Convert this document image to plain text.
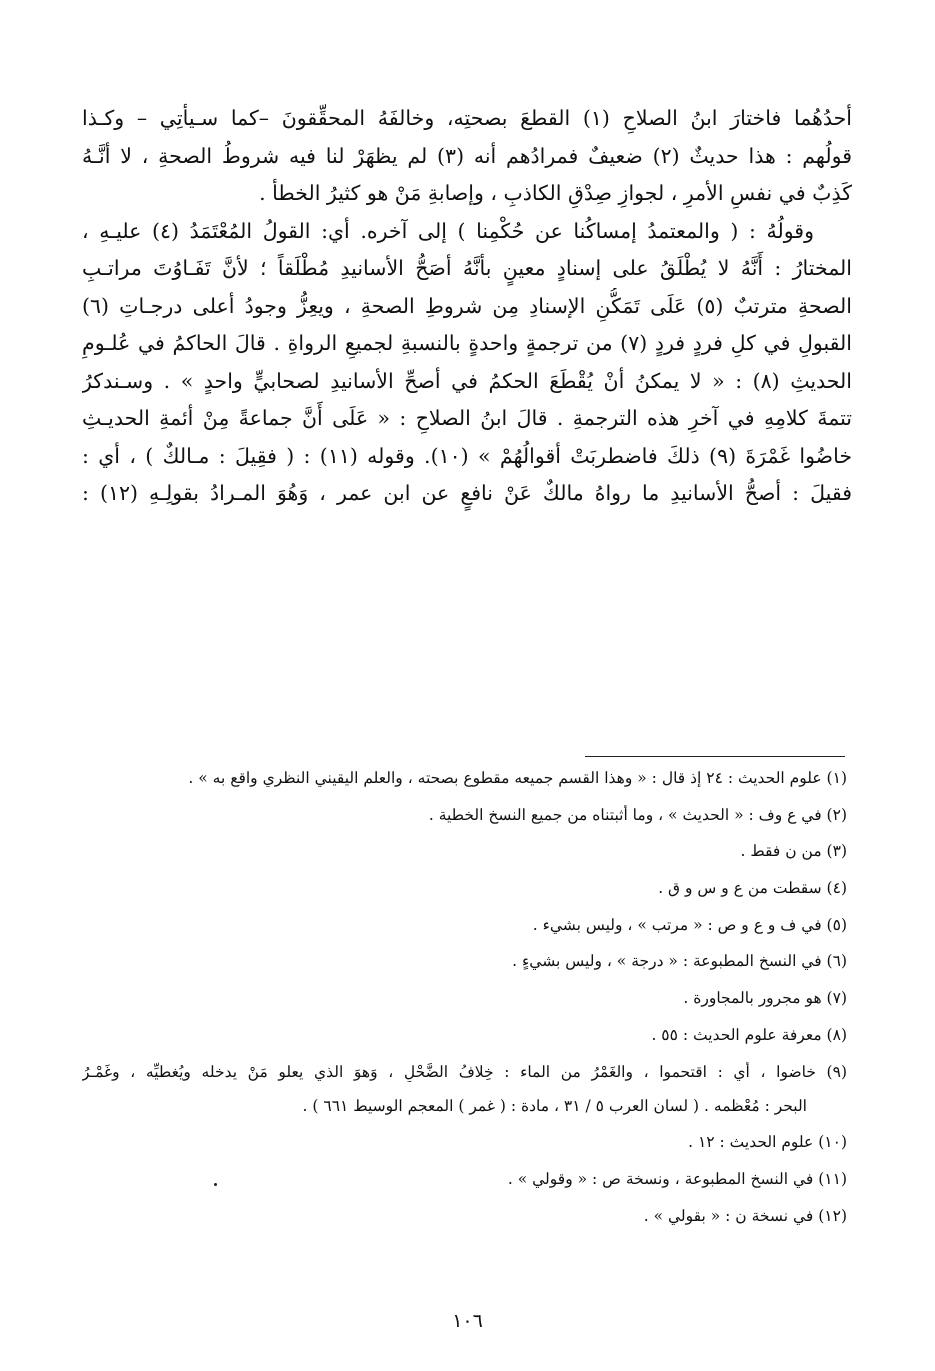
أحدُهُما فاختارَ ابنُ الصلاحِ (١) القطعَ بصحتِه، وخالفَهُ المحقِّقونَ –كما سـيأتِي – وكـذا
قولُهم : هذا حديثٌ (٢) ضعيفٌ فمرادُهم أنه (٣) لم يظهَرْ لنا فيه شروطُ الصحةِ ، لا أنَّـهُ
كَذِبٌ في نفسِ الأمرِ ، لجوازِ صِدْقِ الكاذبِ ، وإصابةِ مَنْ هو كثيرُ الخطأ .
وقولُهُ : ( والمعتمدُ إمساكُنا عن حُكْمِنا ) إلى آخره. أي: القولُ المُعْتَمَدُ (٤) عليـهِ ،
المختارُ : أَنَّهُ لا يُطْلَقُ على إسنادٍ معينٍ بأنَّهُ أصَحُّ الأسانيدِ مُطْلَقاً ؛ لأنَّ تَفَـاوُتَ مراتـبِ
الصحةِ مترتبٌ (٥) عَلَى تَمَكُّنِ الإسنادِ مِن شروطِ الصحةِ ، ويعِزُّ وجودُ أعلى درجـاتِ (٦)
القبولِ في كلِ فردٍ فردٍ (٧) من ترجمةٍ واحدةٍ بالنسبةِ لجميعِ الرواةِ . قالَ الحاكمُ في عُلـومِ
الحديثِ (٨) : « لا يمكنُ أنْ يُقْطَعَ الحكمُ في أصحِّ الأسانيدِ لصحابيٍّ واحدٍ » . وسـندكرُ
تتمةَ كلامِهِ في آخرِ هذه الترجمةِ . قالَ ابنُ الصلاحِ : « عَلَى أَنَّ جماعةً مِنْ أئمةِ الحديـثِ
خاضُوا غَمْرَةَ (٩) ذلكَ فاضطربَتْ أقوالُهُمْ » (١٠). وقوله (١١) : ( فقِيلَ : مـالكٌ ) ، أي :
فقيلَ : أصحُّ الأسانيدِ ما رواهُ مالكٌ عَنْ نافعٍ عن ابن عمر ، وَهُوَ المـرادُ بقولِـهِ (١٢) :
(١) علوم الحديث : ٢٤ إذ قال : « وهذا القسم جميعه مقطوع بصحته ، والعلم اليقيني النظري واقع به » .
(٢) في ع وف : « الحديث » ، وما أثبتناه من جميع النسخ الخطية .
(٣) من ن فقط .
(٤) سقطت من ع و س و ق .
(٥) في ف و ع و ص : « مرتب » ، وليس بشيء .
(٦) في النسخ المطبوعة : « درجة » ، وليس بشيءٍ .
(٧) هو مجرور بالمجاورة .
(٨) معرفة علوم الحديث : ٥٥ .
(٩) خاضوا ، أي : اقتحموا ، والغَمْرُ من الماء : خِلافُ الضَّحْلِ ، وَهوَ الذي يعلو مَنْ يدخله ويُغطيِّه ، وغَمْـرُ
البحر : مُعْظمه . ( لسان العرب ٥ / ٣١ ، مادة : ( غمر ) المعجم الوسيط ٦٦١ ) .
(١٠) علوم الحديث : ١٢ .
(١١) في النسخ المطبوعة ، ونسخة ص : « وقولي » .
(١٢) في نسخة ن : « بقولي » .
١٠٦
